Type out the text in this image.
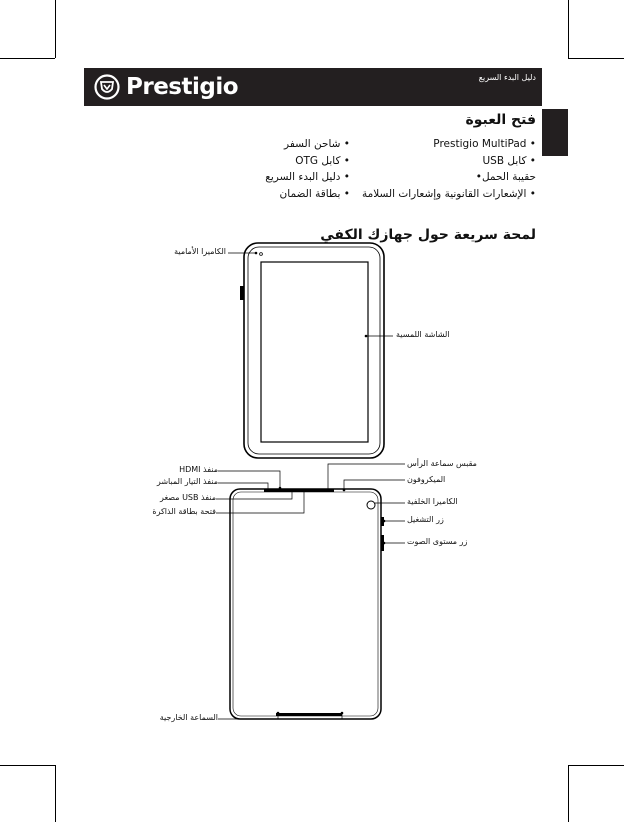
Prestigio	دليل البدء السريع
فتح العبوة
Prestigio MultiPad •
• شاحن السفر
USB كابل •
• كابل OTG
حقيبة الحمل•
• دليل البدء السريع
• الإشعارات القانونية وإشعارات السلامة
• بطاقة الضمان
لمحة سريعة حول جهازك الكفي
الكاميرا الأمامية
الشاشة اللمسية
منفذ HDMI
منفذ التيار المباشر
منفذ USB مصغر
فتحة بطاقة الذاكرة
السماعة الخارجية
مقبس سماعة الرأس
الميكروفون
الكاميرا الخلفية
زر التشغيل
زر مستوى الصوت
